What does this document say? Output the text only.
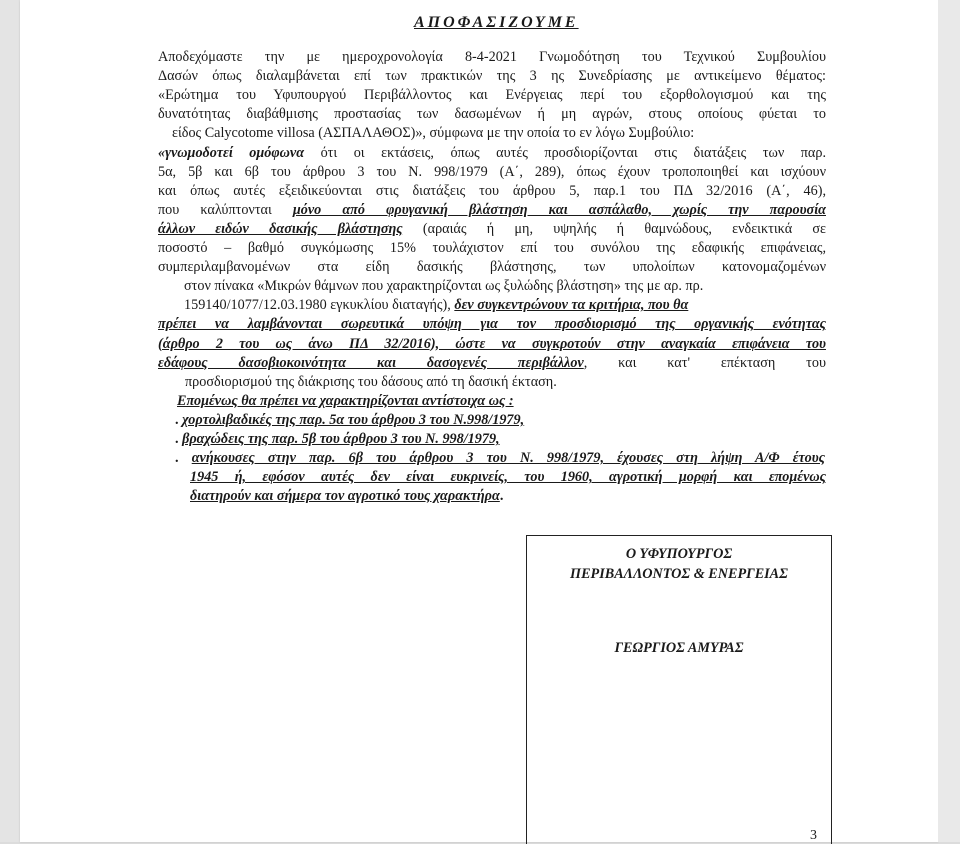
ΑΠΟΦΑΣΙΖΟΥΜΕ
Αποδεχόμαστε την με ημεροχρονολογία 8-4-2021 Γνωμοδότηση του Τεχνικού Συμβουλίου
Δασών όπως διαλαμβάνεται επί των πρακτικών της 3 ης Συνεδρίασης με αντικείμενο θέματος:
«Ερώτημα του Υφυπουργού Περιβάλλοντος και Ενέργειας περί του εξορθολογισμού και της
δυνατότητας διαβάθμισης προστασίας των δασωμένων ή μη αγρών, στους οποίους φύεται το
είδος Calycotome villosa (ΑΣΠΑΛΑΘΟΣ)», σύμφωνα με την οποία το εν λόγω Συμβούλιο:
«γνωμοδοτεί ομόφωνα ότι οι εκτάσεις, όπως αυτές προσδιορίζονται στις διατάξεις των παρ.
5α, 5β και 6β του άρθρου 3 του Ν. 998/1979 (Α΄, 289), όπως έχουν τροποποιηθεί και ισχύουν
και όπως αυτές εξειδικεύονται στις διατάξεις του άρθρου 5, παρ.1 του ΠΔ 32/2016 (Α΄, 46),
που καλύπτονται μόνο από φρυγανική βλάστηση και ασπάλαθο, χωρίς την παρουσία
άλλων ειδών δασικής βλάστησης (αραιάς ή μη, υψηλής ή θαμνώδους, ενδεικτικά σε
ποσοστό – βαθμό συγκόμωσης 15% τουλάχιστον επί του συνόλου της εδαφικής επιφάνειας,
συμπεριλαμβανομένων στα είδη δασικής βλάστησης, των υπολοίπων κατονομαζομένων
στον πίνακα «Μικρών θάμνων που χαρακτηρίζονται ως ξυλώδης βλάστηση» της με αρ. πρ.
159140/1077/12.03.1980 εγκυκλίου διαταγής), δεν συγκεντρώνουν τα κριτήρια, που θα
πρέπει να λαμβάνονται σωρευτικά υπόψη για τον προσδιορισμό της οργανικής ενότητας
(άρθρο 2 του ως άνω ΠΔ 32/2016), ώστε να συγκροτούν στην αναγκαία επιφάνεια του
εδάφους δασοβιοκοινότητα και δασογενές περιβάλλον, και κατ' επέκταση του
προσδιορισμού της διάκρισης του δάσους από τη δασική έκταση.
Επομένως θα πρέπει να χαρακτηρίζονται αντίστοιχα ως :
. χορτολιβαδικές της παρ. 5α του άρθρου 3 του Ν.998/1979,
. βραχώδεις της παρ. 5β του άρθρου 3 του Ν. 998/1979,
. ανήκουσες στην παρ. 6β του άρθρου 3 του Ν. 998/1979, έχουσες στη λήψη Α/Φ έτους
1945 ή, εφόσον αυτές δεν είναι ευκρινείς, του 1960, αγροτική μορφή και επομένως
διατηρούν και σήμερα τον αγροτικό τους χαρακτήρα.
Ο ΥΦΥΠΟΥΡΓΟΣ
ΠΕΡΙΒΑΛΛΟΝΤΟΣ & ΕΝΕΡΓΕΙΑΣ
ΓΕΩΡΓΙΟΣ ΑΜΥΡΑΣ
3
